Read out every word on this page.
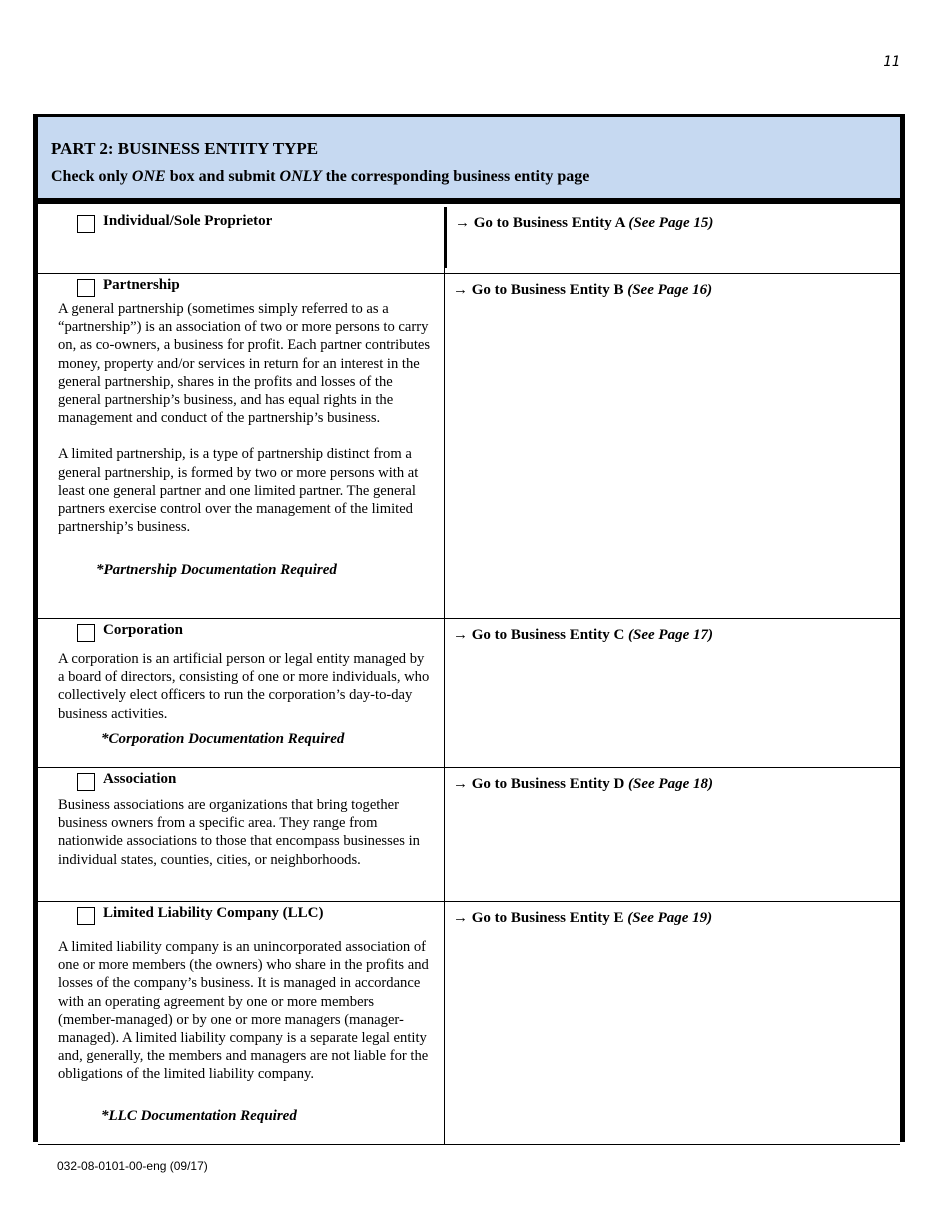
11
PART 2: BUSINESS ENTITY TYPE
Check only ONE box and submit ONLY the corresponding business entity page
Individual/Sole Proprietor	→ Go to Business Entity A (See Page 15)
Partnership

A general partnership (sometimes simply referred to as a “partnership”) is an association of two or more persons to carry on, as co-owners, a business for profit. Each partner contributes money, property and/or services in return for an interest in the general partnership, shares in the profits and losses of the general partnership’s business, and has equal rights in the management and conduct of the partnership’s business.

A limited partnership, is a type of partnership distinct from a general partnership, is formed by two or more persons with at least one general partner and one limited partner. The general partners exercise control over the management of the limited partnership’s business.

*Partnership Documentation Required
→ Go to Business Entity B (See Page 16)
Corporation

A corporation is an artificial person or legal entity managed by a board of directors, consisting of one or more individuals, who collectively elect officers to run the corporation’s day-to-day business activities.

*Corporation Documentation Required
→ Go to Business Entity C (See Page 17)
Association

Business associations are organizations that bring together business owners from a specific area. They range from nationwide associations to those that encompass businesses in individual states, counties, cities, or neighborhoods.

→ Go to Business Entity D (See Page 18)
Limited Liability Company (LLC)

A limited liability company is an unincorporated association of one or more members (the owners) who share in the profits and losses of the company’s business. It is managed in accordance with an operating agreement by one or more members (member-managed) or by one or more managers (manager-managed). A limited liability company is a separate legal entity and, generally, the members and managers are not liable for the obligations of the limited liability company.

*LLC Documentation Required
→ Go to Business Entity E (See Page 19)
032-08-0101-00-eng (09/17)
